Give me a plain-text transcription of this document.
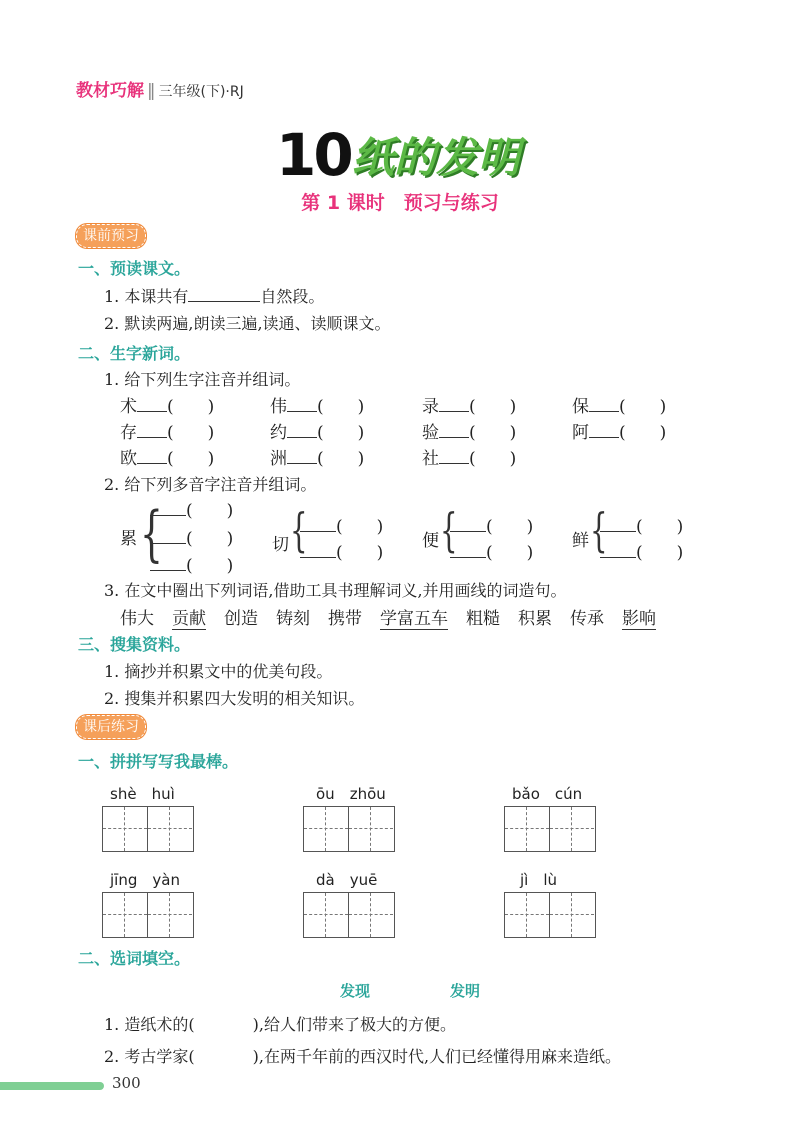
教材巧解 ‖ 三年级(下)·RJ
10 纸的发明
第 1 课时　预习与练习
课前预习
一、预读课文。
1. 本课共有	自然段。
2. 默读两遍,朗读三遍,读通、读顺课文。
二、生字新词。
1. 给下列生字注音并组词。
术 (　　)	伟 (　　)	录 (　　)	保 (　　)
存 (　　)	约 (　　)	验 (　　)	阿 (　　)
欧 (　　)	洲 (　　)	社 (　　)
2. 给下列多音字注音并组词。
累 {	(　　)
(　　)
(　　)
切 {	(　　)
(　　)
便 {	(　　)
(　　)
鲜 {	(　　)
(　　)
3. 在文中圈出下列词语,借助工具书理解词义,并用画线的词造句。
伟大 贡献 创造 铸刻 携带 学富五车 粗糙 积累 传承 影响
三、搜集资料。
1. 摘抄并积累文中的优美句段。
2. 搜集并积累四大发明的相关知识。
课后练习
一、拼拼写写我最棒。
shè　 huì	ōu　 zhōu	bǎo　 cún
jīng　 yàn	dà　 yuē	jì　 lù
二、选词填空。
发现	发明
1. 造纸术的(	),给人们带来了极大的方便。
2. 考古学家(	),在两千年前的西汉时代,人们已经懂得用麻来造纸。
300
